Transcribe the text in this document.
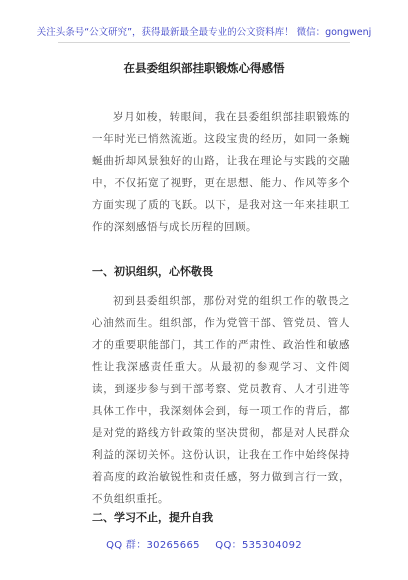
关注头条号“公文研究”，获得最新最全最专业的公文资料库！ 微信：gongwenj
在县委组织部挂职锻炼心得感悟

岁月如梭，转眼间，我在县委组织部挂职锻炼的一年时光已悄然流逝。这段宝贵的经历，如同一条蜿蜒曲折却风景独好的山路，让我在理论与实践的交融中，不仅拓宽了视野，更在思想、能力、作风等多个方面实现了质的飞跃。以下，是我对这一年来挂职工作的深刻感悟与成长历程的回顾。

一、初识组织，心怀敬畏

初到县委组织部，那份对党的组织工作的敬畏之心油然而生。组织部，作为党管干部、管党员、管人才的重要职能部门，其工作的严肃性、政治性和敏感性让我深感责任重大。从最初的参观学习、文件阅读，到逐步参与到干部考察、党员教育、人才引进等具体工作中，我深刻体会到，每一项工作的背后，都是对党的路线方针政策的坚决贯彻，都是对人民群众利益的深切关怀。这份认识，让我在工作中始终保持着高度的政治敏锐性和责任感，努力做到言行一致，不负组织重托。

二、学习不止，提升自我
QQ 群：30265665 QQ：535304092
